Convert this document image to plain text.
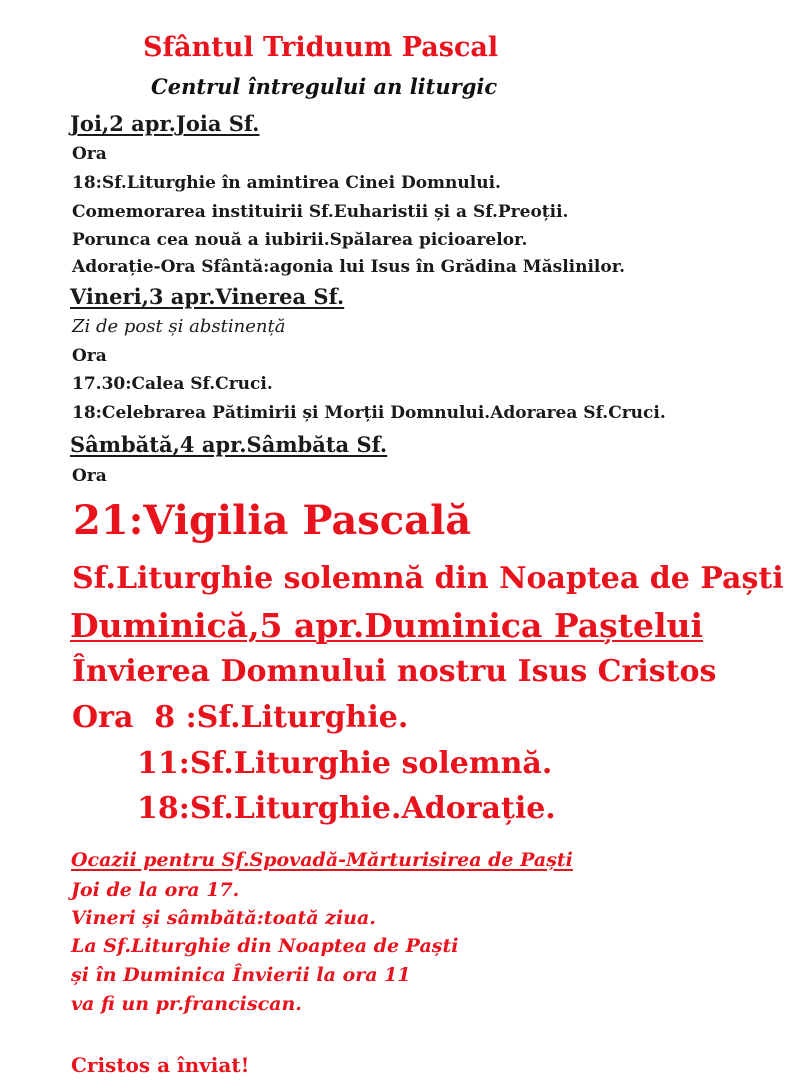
Sfântul Triduum Pascal
Centrul întregului an liturgic
Joi,2 apr.Joia Sf.
Ora
18:Sf.Liturghie în amintirea Cinei Domnului.
Comemorarea instituirii Sf.Euharistii și a Sf.Preoții.
Porunca cea nouă a iubirii.Spălarea picioarelor.
Adorație-Ora Sfântă:agonia lui Isus în Grădina Măslinilor.
Vineri,3 apr.Vinerea Sf.
Zi de post și abstinență
Ora
17.30:Calea Sf.Cruci.
18:Celebrarea Pătimirii și Morții Domnului.Adorarea Sf.Cruci.
Sâmbătă,4 apr.Sâmbăta Sf.
Ora
21:Vigilia Pascală
Sf.Liturghie solemnă din Noaptea de Paști
Duminică,5 apr.Duminica Paștelui
Învierea Domnului nostru Isus Cristos
Ora  8 :Sf.Liturghie.
11:Sf.Liturghie solemnă.
18:Sf.Liturghie.Adorație.
Ocazii pentru Sf.Spovadă-Mărturisirea de Paști
Joi de la ora 17.
Vineri și sâmbătă:toată ziua.
La Sf.Liturghie din Noaptea de Paști
și în Duminica Învierii la ora 11
va fi un pr.franciscan.
Cristos a înviat!
